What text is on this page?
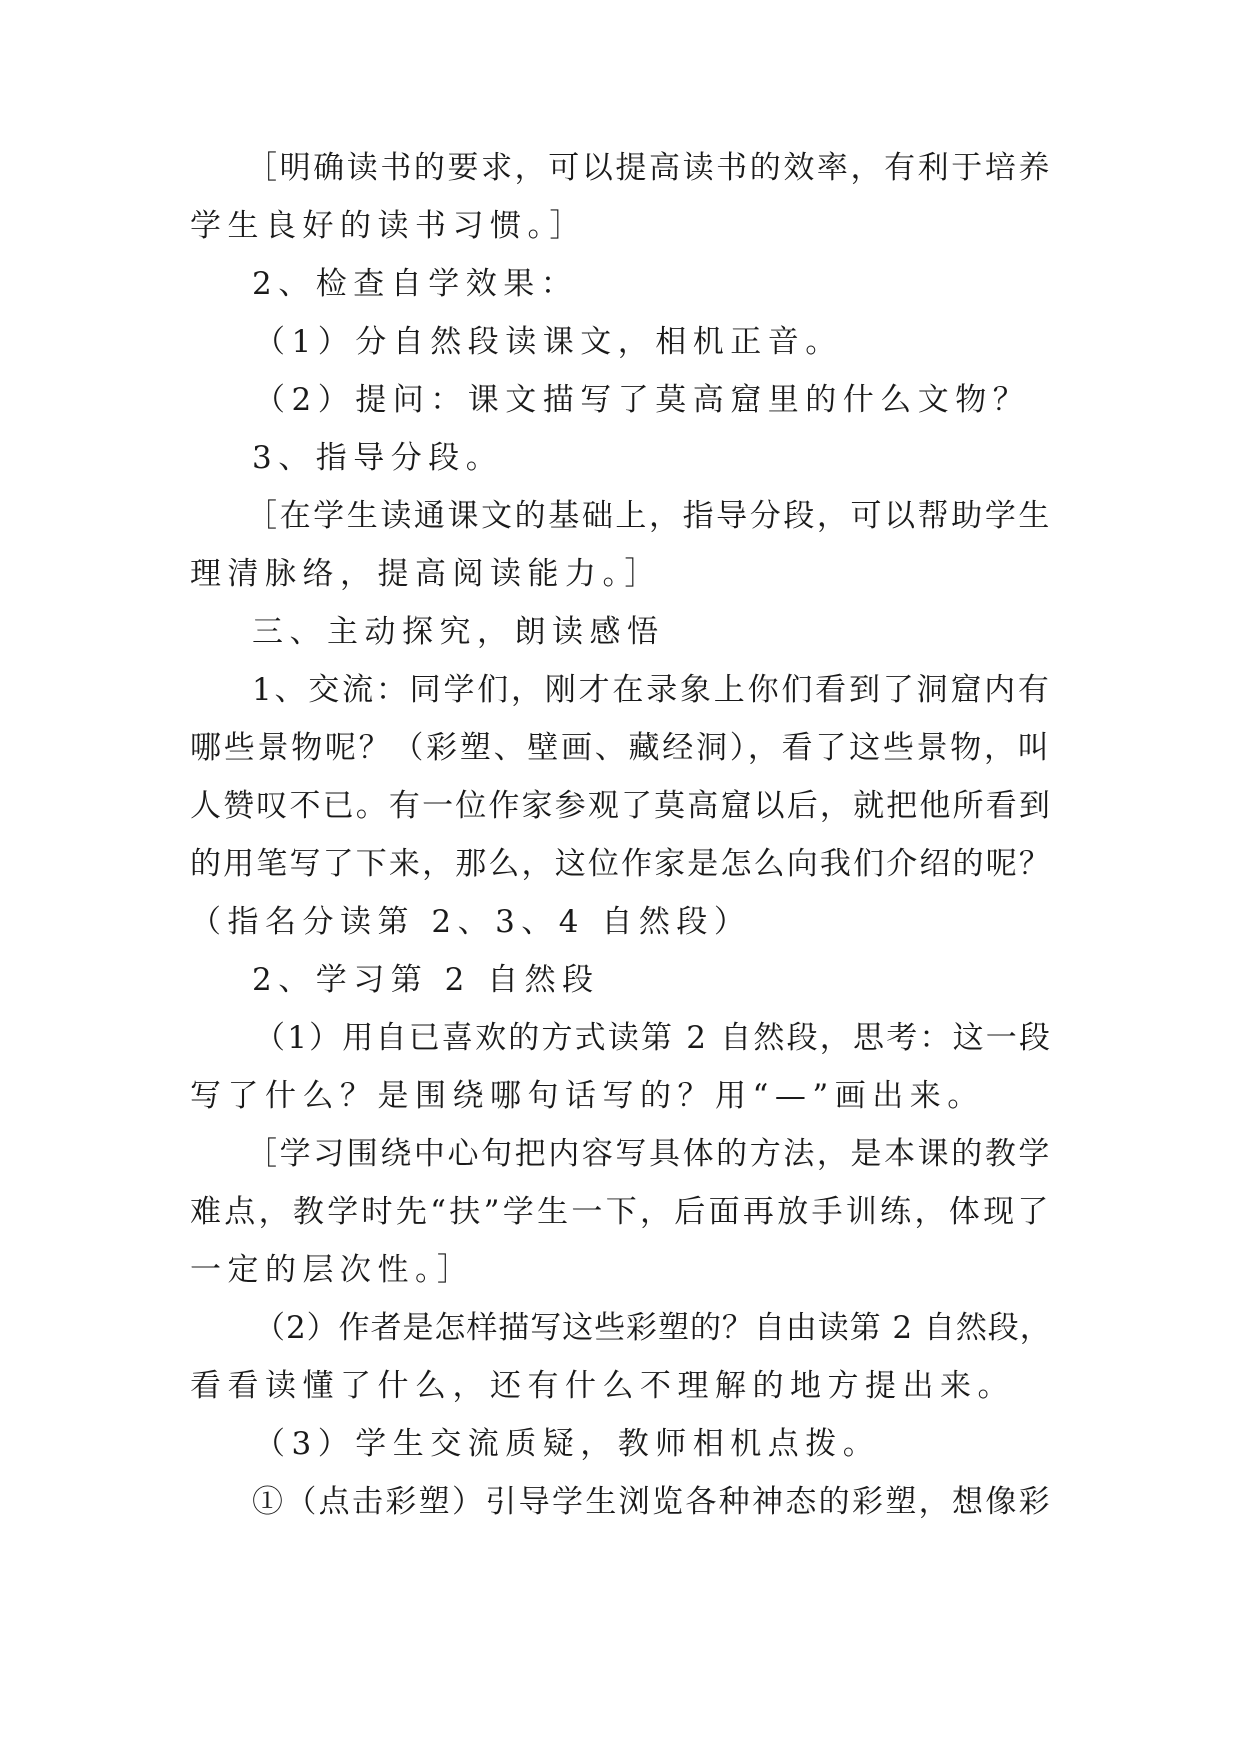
［明确读书的要求，可以提高读书的效率，有利于培养

学生良好的读书习惯。］

2、检查自学效果：

（1）分自然段读课文，相机正音。

（2）提问：课文描写了莫高窟里的什么文物？

3、指导分段。

［在学生读通课文的基础上，指导分段，可以帮助学生

理清脉络，提高阅读能力。］

三、主动探究，朗读感悟

1、交流：同学们，刚才在录象上你们看到了洞窟内有

哪些景物呢？（彩塑、壁画、藏经洞），看了这些景物，叫

人赞叹不已。有一位作家参观了莫高窟以后，就把他所看到

的用笔写了下来，那么，这位作家是怎么向我们介绍的呢？

（指名分读第 2、3、4 自然段）

2、学习第 2 自然段

（1）用自已喜欢的方式读第 2 自然段，思考：这一段

写了什么？是围绕哪句话写的？用“—”画出来。

［学习围绕中心句把内容写具体的方法，是本课的教学

难点，教学时先“扶”学生一下，后面再放手训练，体现了

一定的层次性。］

（2）作者是怎样描写这些彩塑的？自由读第 2 自然段，

看看读懂了什么，还有什么不理解的地方提出来。

（3）学生交流质疑，教师相机点拨。

①（点击彩塑）引导学生浏览各种神态的彩塑，想像彩
